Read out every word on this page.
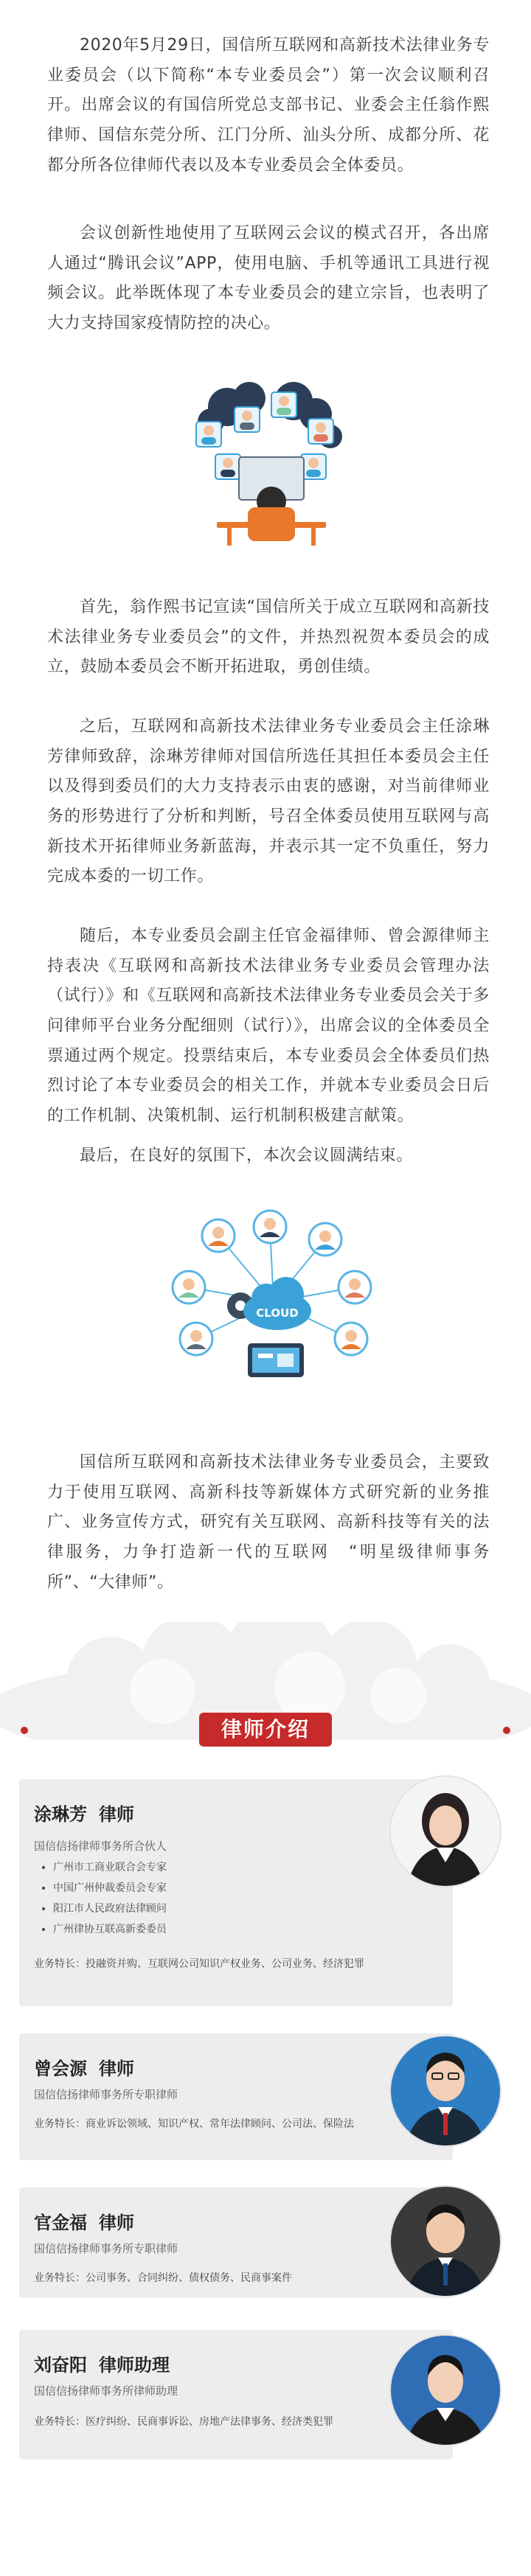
2020年5月29日，国信所互联网和高新技术法律业务专业委员会（以下简称“本专业委员会”）第一次会议顺利召开。出席会议的有国信所党总支部书记、业委会主任翁作熙律师、国信东莞分所、江门分所、汕头分所、成都分所、花都分所各位律师代表以及本专业委员会全体委员。

会议创新性地使用了互联网云会议的模式召开，各出席人通过“腾讯会议”APP，使用电脑、手机等通讯工具进行视频会议。此举既体现了本专业委员会的建立宗旨，也表明了大力支持国家疫情防控的决心。

首先，翁作熙书记宣读“国信所关于成立互联网和高新技术法律业务专业委员会”的文件，并热烈祝贺本委员会的成立，鼓励本委员会不断开拓进取，勇创佳绩。

之后，互联网和高新技术法律业务专业委员会主任涂琳芳律师致辞，涂琳芳律师对国信所选任其担任本委员会主任以及得到委员们的大力支持表示由衷的感谢，对当前律师业务的形势进行了分析和判断，号召全体委员使用互联网与高新技术开拓律师业务新蓝海，并表示其一定不负重任，努力完成本委的一切工作。

随后，本专业委员会副主任官金福律师、曾会源律师主持表决《互联网和高新技术法律业务专业委员会管理办法（试行）》和《互联网和高新技术法律业务专业委员会关于多问律师平台业务分配细则（试行）》，出席会议的全体委员全票通过两个规定。投票结束后，本专业委员会全体委员们热烈讨论了本专业委员会的相关工作，并就本专业委员会日后的工作机制、决策机制、运行机制积极建言献策。

最后，在良好的氛围下，本次会议圆满结束。

CLOUD

国信所互联网和高新技术法律业务专业委员会，主要致力于使用互联网、高新科技等新媒体方式研究新的业务推广、业务宣传方式，研究有关互联网、高新科技等有关的法律服务，力争打造新一代的互联网　“明星级律师事务所”、“大律师”。

律师介绍
涂琳芳 律师
国信信扬律师事务所合伙人
• 广州市工商业联合会专家
• 中国广州仲裁委员会专家
• 阳江市人民政府法律顾问
• 广州律协互联高新委委员
业务特长：投融资并购、互联网公司知识产权业务、公司业务、经济犯罪
曾会源 律师
国信信扬律师事务所专职律师
业务特长：商业诉讼领域、知识产权、常年法律顾问、公司法、保险法
官金福 律师
国信信扬律师事务所专职律师
业务特长：公司事务、合同纠纷、债权债务、民商事案件
刘奋阳 律师助理
国信信扬律师事务所律师助理
业务特长：医疗纠纷、民商事诉讼、房地产法律事务、经济类犯罪
